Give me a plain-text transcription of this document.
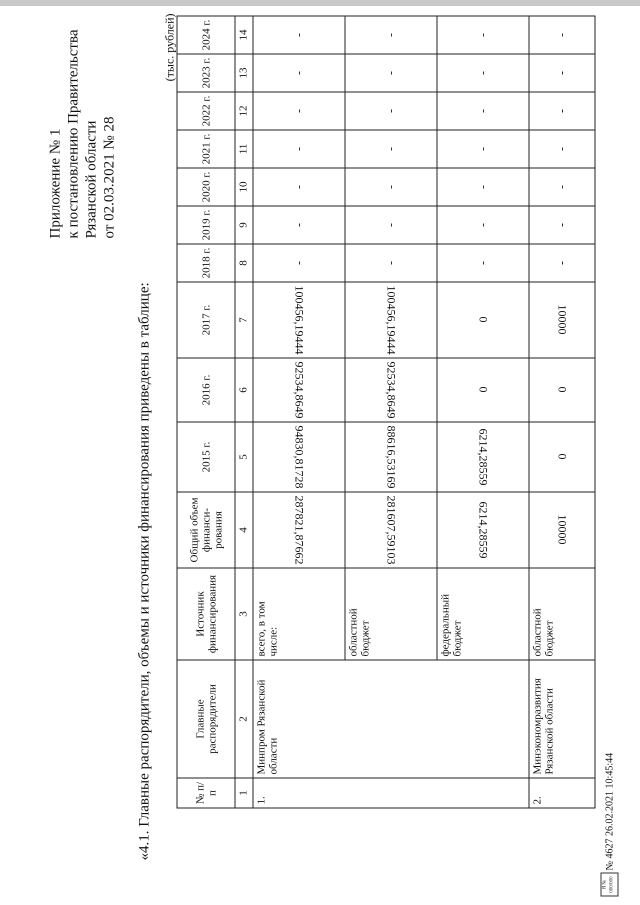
Приложение № 1 к постановлению Правительства Рязанской области от 02.03.2021 № 28
«4.1. Главные распорядители, объемы и источники финансирования приведены в таблице:
(тыс. рублей)
№ п/п	Главные распорядители	Источник финансирования	Общий объем финанси-рования	2015 г.	2016 г.	2017 г.	2018 г.	2019 г.	2020 г.	2021 г.	2022 г.	2023 г.	2024 г.
1	2	3	4	5	6	7	8	9	10	11	12	13	14
1.	Минпром Рязанской области	всего, в том числе:	287821,87662	94830,81728	92534,8649	100456,19444	-	-	-	-	-	-	-
		областной бюджет	281607,59103	88616,53169	92534,8649	100456,19444	-	-	-	-	-	-	-
		федеральный бюджет	6214,28559	6214,28559	0	0	-	-	-	-	-	-	-
2.	Минэкономразвития Рязанской области	областной бюджет	10000	0	0	10000	-	-	-	-	-	-	-
Я № 000/000
№ 4627 26.02.2021 10:45:44
